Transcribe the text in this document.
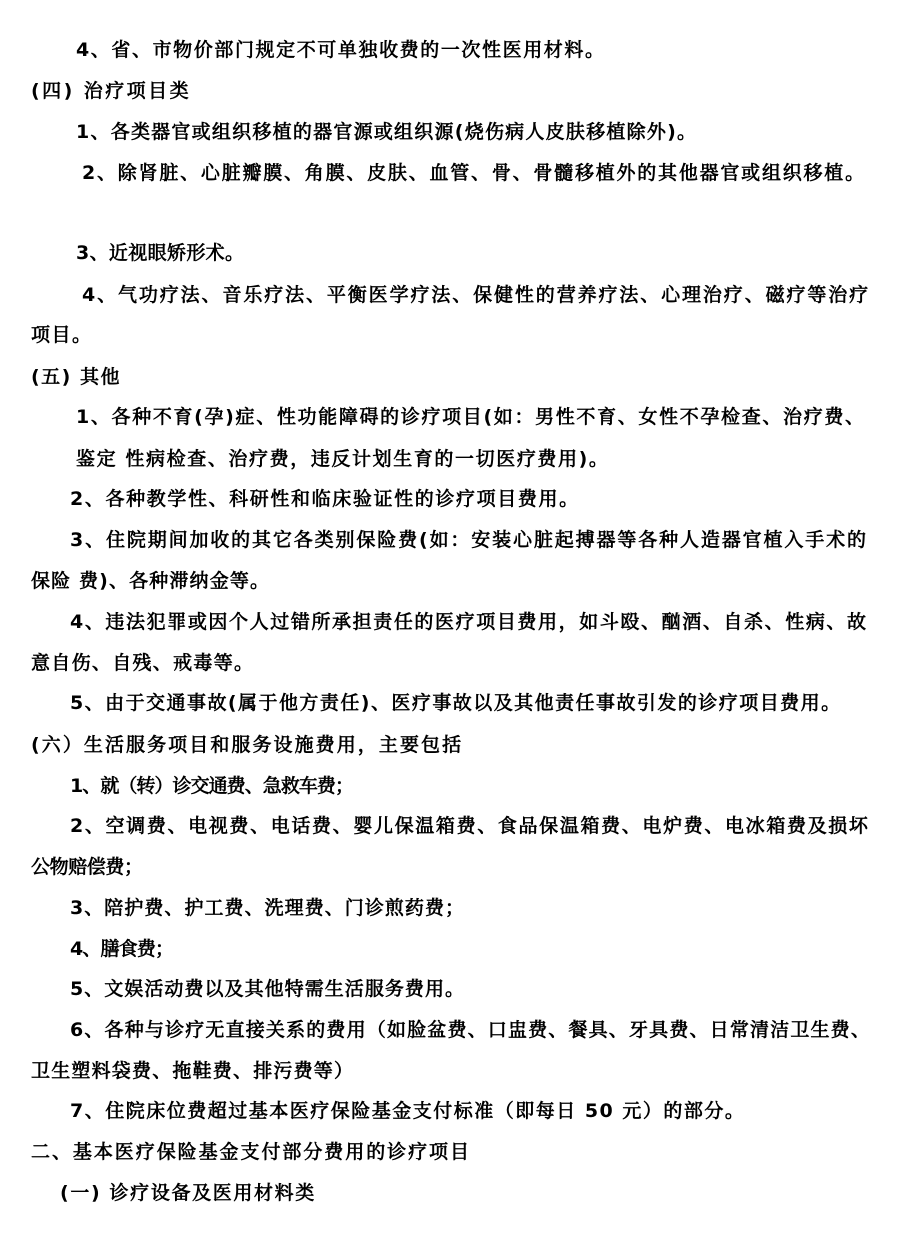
4、省、市物价部门规定不可单独收费的一次性医用材料。
(四) 治疗项目类
1、各类器官或组织移植的器官源或组织源(烧伤病人皮肤移植除外)。
2、除肾脏、心脏瓣膜、角膜、皮肤、血管、骨、骨髓移植外的其他器官或组织移植。
3、近视眼矫形术。
4、气功疗法、音乐疗法、平衡医学疗法、保健性的营养疗法、心理治疗、磁疗等治疗
项目。
(五) 其他
1、各种不育(孕)症、性功能障碍的诊疗项目(如：男性不育、女性不孕检查、治疗费、
鉴定 性病检查、治疗费，违反计划生育的一切医疗费用)。
2、各种教学性、科研性和临床验证性的诊疗项目费用。
3、住院期间加收的其它各类别保险费(如：安装心脏起搏器等各种人造器官植入手术的
保险 费)、各种滞纳金等。
4、违法犯罪或因个人过错所承担责任的医疗项目费用，如斗殴、酗酒、自杀、性病、故
意自伤、自残、戒毒等。
5、由于交通事故(属于他方责任)、医疗事故以及其他责任事故引发的诊疗项目费用。
(六）生活服务项目和服务设施费用，主要包括
1、就（转）诊交通费、急救车费；
2、空调费、电视费、电话费、婴儿保温箱费、食品保温箱费、电炉费、电冰箱费及损坏
公物赔偿费；
3、陪护费、护工费、洗理费、门诊煎药费；
4、膳食费；
5、文娱活动费以及其他特需生活服务费用。
6、各种与诊疗无直接关系的费用（如脸盆费、口盅费、餐具、牙具费、日常清洁卫生费、
卫生塑料袋费、拖鞋费、排污费等）
7、住院床位费超过基本医疗保险基金支付标准（即每日 50 元）的部分。
二、基本医疗保险基金支付部分费用的诊疗项目
(一) 诊疗设备及医用材料类
